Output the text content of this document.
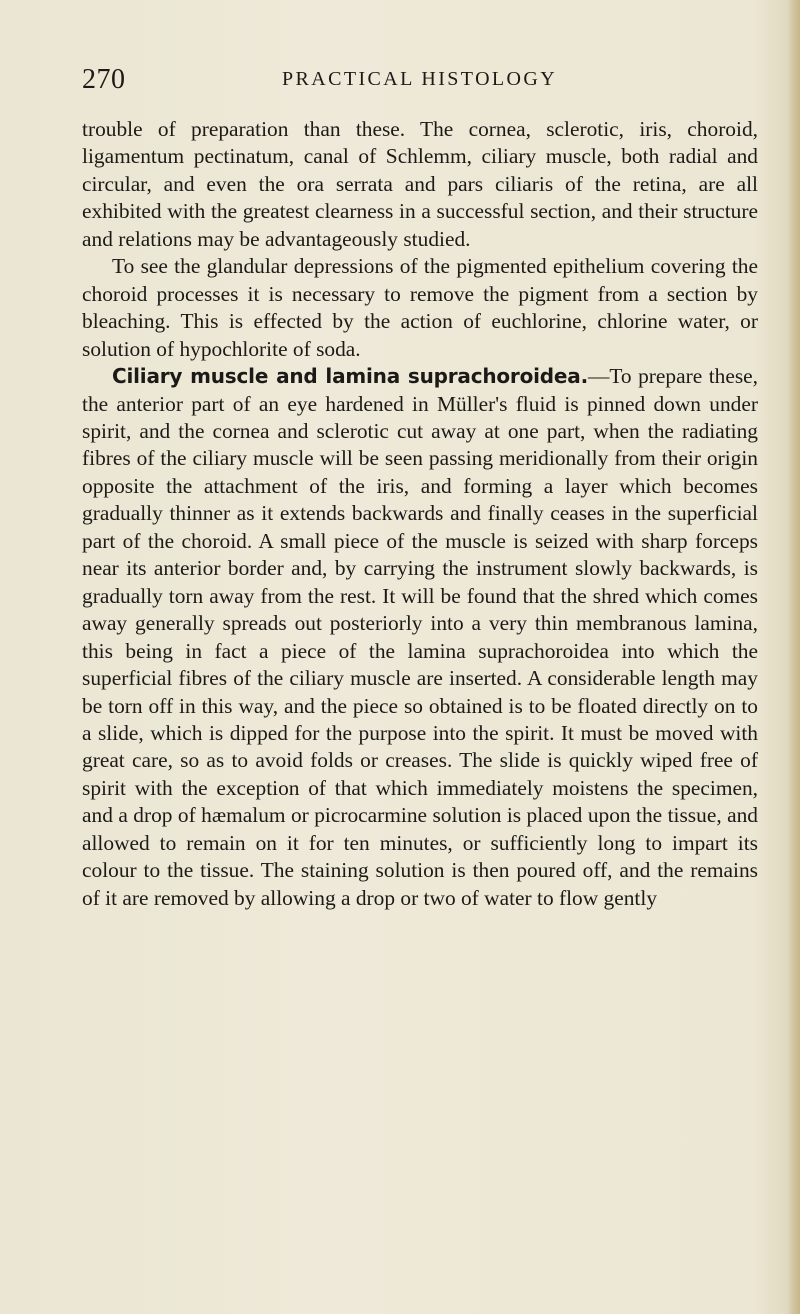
270	PRACTICAL HISTOLOGY

trouble of preparation than these. The cornea, sclerotic, iris, choroid, ligamentum pectinatum, canal of Schlemm, ciliary muscle, both radial and circular, and even the ora serrata and pars ciliaris of the retina, are all exhibited with the greatest clearness in a successful section, and their structure and relations may be advantageously studied.

To see the glandular depressions of the pigmented epithelium covering the choroid processes it is necessary to remove the pigment from a section by bleaching. This is effected by the action of euchlorine, chlorine water, or solution of hypochlorite of soda.

Ciliary muscle and lamina suprachoroidea.—To prepare these, the anterior part of an eye hardened in Müller's fluid is pinned down under spirit, and the cornea and sclerotic cut away at one part, when the radiating fibres of the ciliary muscle will be seen passing meridionally from their origin opposite the attachment of the iris, and forming a layer which becomes gradually thinner as it extends backwards and finally ceases in the superficial part of the choroid. A small piece of the muscle is seized with sharp forceps near its anterior border and, by carrying the instrument slowly backwards, is gradually torn away from the rest. It will be found that the shred which comes away generally spreads out posteriorly into a very thin membranous lamina, this being in fact a piece of the lamina suprachoroidea into which the superficial fibres of the ciliary muscle are inserted. A considerable length may be torn off in this way, and the piece so obtained is to be floated directly on to a slide, which is dipped for the purpose into the spirit. It must be moved with great care, so as to avoid folds or creases. The slide is quickly wiped free of spirit with the exception of that which immediately moistens the specimen, and a drop of hæmalum or picrocarmine solution is placed upon the tissue, and allowed to remain on it for ten minutes, or sufficiently long to impart its colour to the tissue. The staining solution is then poured off, and the remains of it are removed by allowing a drop or two of water to flow gently
